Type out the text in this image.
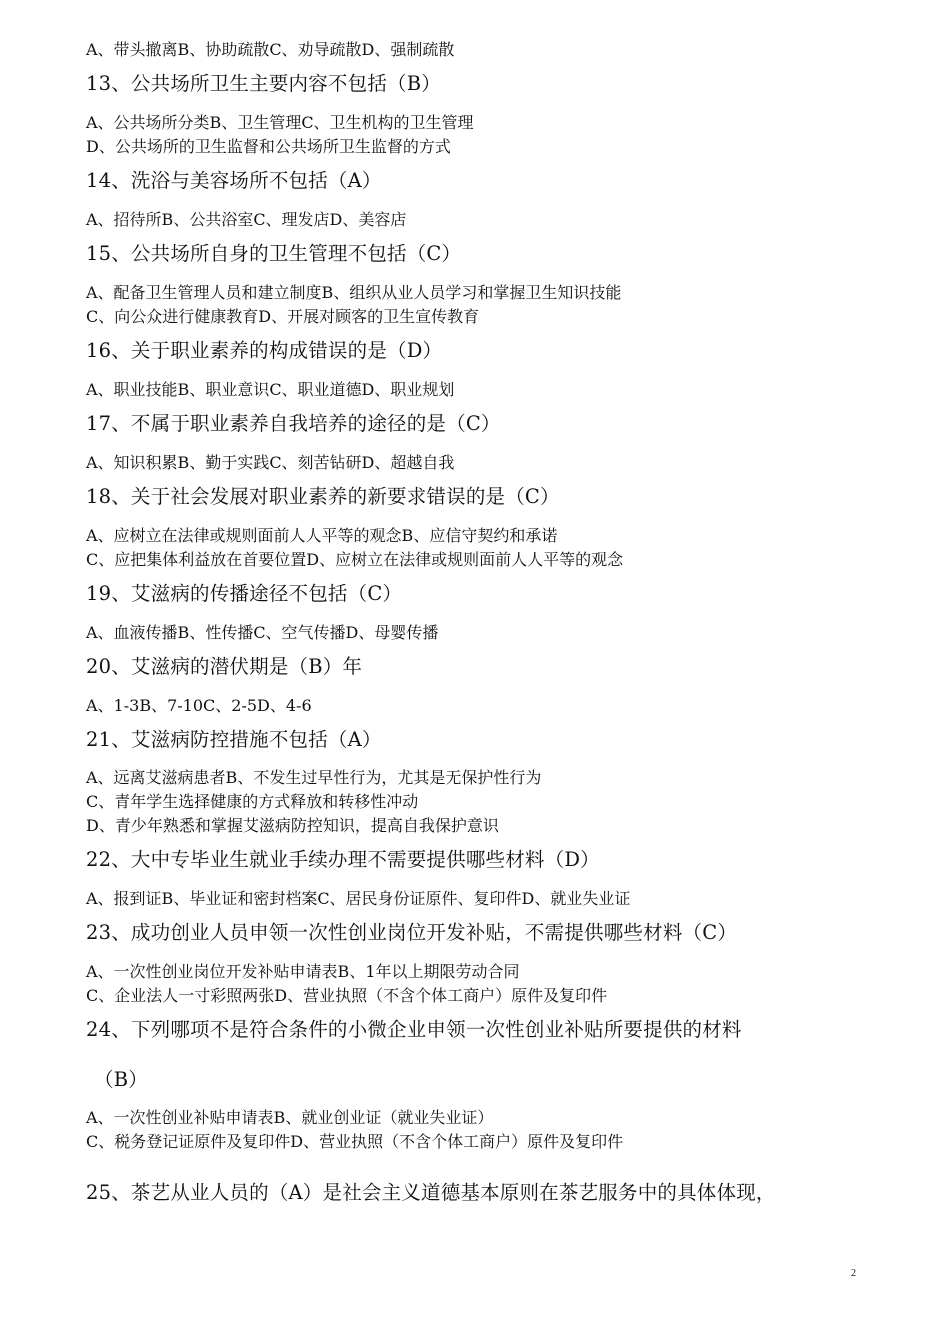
A、带头撤离B、协助疏散C、劝导疏散D、强制疏散

13、公共场所卫生主要内容不包括（B）

A、公共场所分类B、卫生管理C、卫生机构的卫生管理

D、公共场所的卫生监督和公共场所卫生监督的方式

14、洗浴与美容场所不包括（A）

A、招待所B、公共浴室C、理发店D、美容店

15、公共场所自身的卫生管理不包括（C）

A、配备卫生管理人员和建立制度B、组织从业人员学习和掌握卫生知识技能

C、向公众进行健康教育D、开展对顾客的卫生宣传教育

16、关于职业素养的构成错误的是（D）

A、职业技能B、职业意识C、职业道德D、职业规划

17、不属于职业素养自我培养的途径的是（C）

A、知识积累B、勤于实践C、刻苦钻研D、超越自我

18、关于社会发展对职业素养的新要求错误的是（C）

A、应树立在法律或规则面前人人平等的观念B、应信守契约和承诺

C、应把集体利益放在首要位置D、应树立在法律或规则面前人人平等的观念

19、艾滋病的传播途径不包括（C）

A、血液传播B、性传播C、空气传播D、母婴传播

20、艾滋病的潜伏期是（B）年

A、1-3B、7-10C、2-5D、4-6

21、艾滋病防控措施不包括（A）

A、远离艾滋病患者B、不发生过早性行为，尤其是无保护性行为

C、青年学生选择健康的方式释放和转移性冲动

D、青少年熟悉和掌握艾滋病防控知识，提高自我保护意识

22、大中专毕业生就业手续办理不需要提供哪些材料（D）

A、报到证B、毕业证和密封档案C、居民身份证原件、复印件D、就业失业证

23、成功创业人员申领一次性创业岗位开发补贴，不需提供哪些材料（C）

A、一次性创业岗位开发补贴申请表B、1年以上期限劳动合同

C、企业法人一寸彩照两张D、营业执照（不含个体工商户）原件及复印件

24、下列哪项不是符合条件的小微企业申领一次性创业补贴所要提供的材料

（B）

A、一次性创业补贴申请表B、就业创业证（就业失业证）

C、税务登记证原件及复印件D、营业执照（不含个体工商户）原件及复印件

25、茶艺从业人员的（A）是社会主义道德基本原则在茶艺服务中的具体体现，

2
